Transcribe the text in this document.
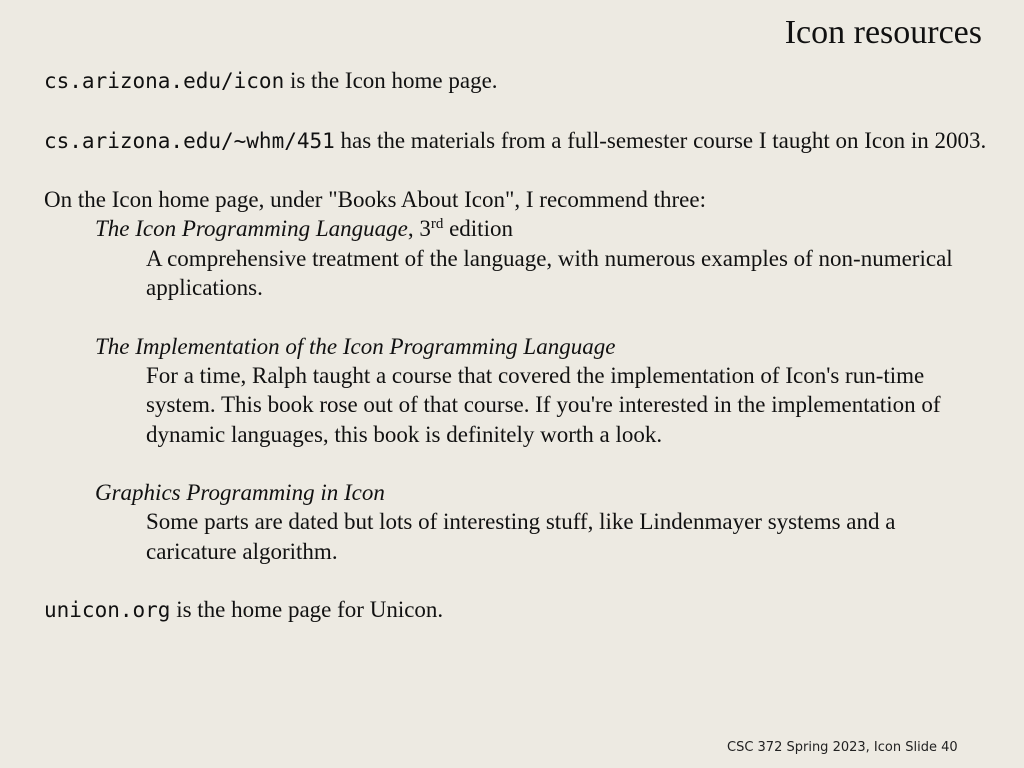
Icon resources

cs.arizona.edu/icon is the Icon home page.

cs.arizona.edu/~whm/451 has the materials from a full-semester course I taught on Icon in 2003.

On the Icon home page, under "Books About Icon", I recommend three:

The Icon Programming Language, 3rd edition

A comprehensive treatment of the language, with numerous examples of non-numerical applications.

The Implementation of the Icon Programming Language

For a time, Ralph taught a course that covered the implementation of Icon's run-time system. This book rose out of that course. If you're interested in the implementation of dynamic languages, this book is definitely worth a look.

Graphics Programming in Icon

Some parts are dated but lots of interesting stuff, like Lindenmayer systems and a caricature algorithm.

unicon.org is the home page for Unicon.

CSC 372 Spring 2023, Icon Slide 40
